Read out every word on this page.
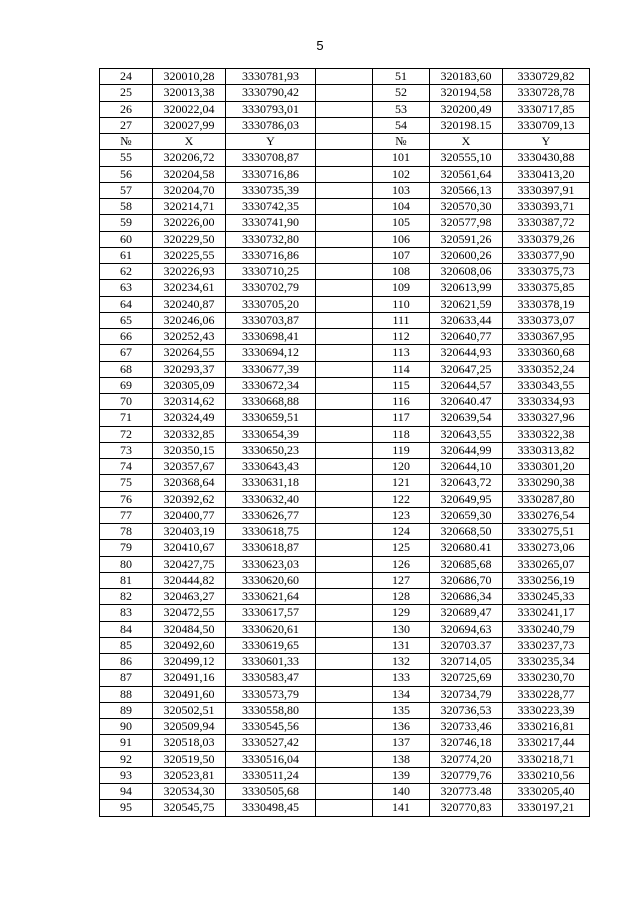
5
24	320010,28	3330781,93		51	320183,60	3330729,82
25	320013,38	3330790,42		52	320194,58	3330728,78
26	320022,04	3330793,01		53	320200,49	3330717,85
27	320027,99	3330786,03		54	320198.15	3330709,13
№	X	Y		№	X	Y
55	320206,72	3330708,87		101	320555,10	3330430,88
56	320204,58	3330716,86		102	320561,64	3330413,20
57	320204,70	3330735,39		103	320566,13	3330397,91
58	320214,71	3330742,35		104	320570,30	3330393,71
59	320226,00	3330741,90		105	320577,98	3330387,72
60	320229,50	3330732,80		106	320591,26	3330379,26
61	320225,55	3330716,86		107	320600,26	3330377,90
62	320226,93	3330710,25		108	320608,06	3330375,73
63	320234,61	3330702,79		109	320613,99	3330375,85
64	320240,87	3330705,20		110	320621,59	3330378,19
65	320246,06	3330703,87		111	320633,44	3330373,07
66	320252,43	3330698,41		112	320640,77	3330367,95
67	320264,55	3330694,12		113	320644,93	3330360,68
68	320293,37	3330677,39		114	320647,25	3330352,24
69	320305,09	3330672,34		115	320644,57	3330343,55
70	320314,62	3330668,88		116	320640.47	3330334,93
71	320324,49	3330659,51		117	320639,54	3330327,96
72	320332,85	3330654,39		118	320643,55	3330322,38
73	320350,15	3330650,23		119	320644,99	3330313,82
74	320357,67	3330643,43		120	320644,10	3330301,20
75	320368,64	3330631,18		121	320643,72	3330290,38
76	320392,62	3330632,40		122	320649,95	3330287,80
77	320400,77	3330626,77		123	320659,30	3330276,54
78	320403,19	3330618,75		124	320668,50	3330275,51
79	320410,67	3330618,87		125	320680.41	3330273,06
80	320427,75	3330623,03		126	320685,68	3330265,07
81	320444,82	3330620,60		127	320686,70	3330256,19
82	320463,27	3330621,64		128	320686,34	3330245,33
83	320472,55	3330617,57		129	320689,47	3330241,17
84	320484,50	3330620,61		130	320694,63	3330240,79
85	320492,60	3330619,65		131	320703.37	3330237,73
86	320499,12	3330601,33		132	320714,05	3330235,34
87	320491,16	3330583,47		133	320725,69	3330230,70
88	320491,60	3330573,79		134	320734,79	3330228,77
89	320502,51	3330558,80		135	320736,53	3330223,39
90	320509,94	3330545,56		136	320733,46	3330216,81
91	320518,03	3330527,42		137	320746,18	3330217,44
92	320519,50	3330516,04		138	320774,20	3330218,71
93	320523,81	3330511,24		139	320779,76	3330210,56
94	320534,30	3330505,68		140	320773.48	3330205,40
95	320545,75	3330498,45		141	320770,83	3330197,21
